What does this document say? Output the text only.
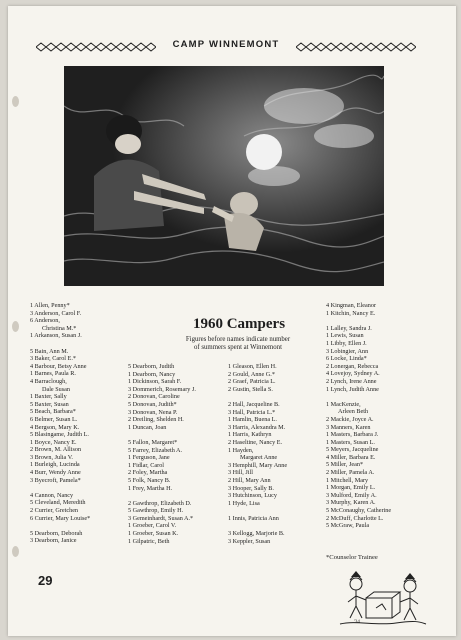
CAMP WINNEMONT
1 Allen, Penny*
3 Anderson, Carol F.
6 Anderson,
Christina M.*
1 Arkanson, Susan J.
5 Bain, Ann M.
3 Baker, Carol E.*
4 Barbour, Betsy Anne
1 Barnes, Paula R.
4 Barraclough,
Dale Susan
1 Baxter, Sally
5 Baxter, Susan
5 Beach, Barbara*
6 Belmer, Susan L.
4 Bergson, Mary K.
5 Blasingame, Judith L.
1 Boyce, Nancy E.
2 Brown, M. Allison
3 Brown, Julia V.
1 Burleigh, Lucinda
4 Burr, Wendy Anne
3 Byecroft, Pamela*
4 Cannon, Nancy
5 Cleveland, Meredith
2 Currier, Gretchen
6 Currier, Mary Louise*
5 Dearborn, Deborah
3 Dearborn, Janice
1960 Campers
Figures before names indicate number
of summers spent at Winnemont
5 Dearborn, Judith
1 Dearborn, Nancy
1 Dickinson, Sarah F.
3 Dommerich, Rosemary J.
2 Donovan, Caroline
5 Donovan, Judith*
3 Donovan, Nena P.
2 Dreiling, Shelden H.
1 Duncan, Joan
5 Fallon, Margaret*
5 Farrey, Elizabeth A.
1 Ferguson, Jane
1 Fidlar, Carol
2 Foley, Martha
5 Folk, Nancy B.
1 Frey, Martha H.
2 Gawthrop, Elizabeth D.
5 Gawthrop, Emily H.
3 Gemeinhardt, Susan A.*
1 Groeber, Carol V.
1 Groeber, Susan K.
1 Gilpatric, Beth
1 Gleason, Ellen H.
2 Gould, Anne G.*
2 Graef, Patricia L.
2 Gustin, Stella S.
2 Hall, Jacqueline B.
3 Hall, Patricia L.*
1 Hamlin, Buena L.
3 Harris, Alexandra M.
1 Harris, Kathryn
2 Haseltine, Nancy E.
1 Hayden,
Margaret Anne
3 Hemphill, Mary Anne
3 Hill, Jill
2 Hill, Mary Ann
3 Hooper, Sally B.
3 Hutchinson, Lucy
1 Hyde, Lisa
1 Innis, Patricia Ann
3 Kellogg, Marjorie B.
3 Keppler, Susan
4 Kingman, Eleanor
1 Kitchin, Nancy E.
1 Lalley, Sandra J.
1 Lewis, Susan
1 Libby, Ellen J.
3 Lobingier, Ann
6 Locke, Linda*
2 Lonergan, Rebecca
4 Lovejoy, Sydney A.
2 Lynch, Irene Anne
1 Lynch, Judith Anne
1 MacKenzie,
Arleen Beth
2 Mackie, Joyce A.
3 Manners, Karen
1 Masters, Barbara J.
1 Masters, Susan L.
5 Meyers, Jacqueline
4 Miller, Barbara E.
5 Miller, Jean*
2 Miller, Pamela A.
1 Mitchell, Mary
1 Morgan, Emily L.
3 Mulford, Emily A.
3 Murphy, Karen A.
5 McConaughy, Catherine
2 McDuff, Charlotte L.
5 McGraw, Paula
*Counselor Trainee
29
'34
